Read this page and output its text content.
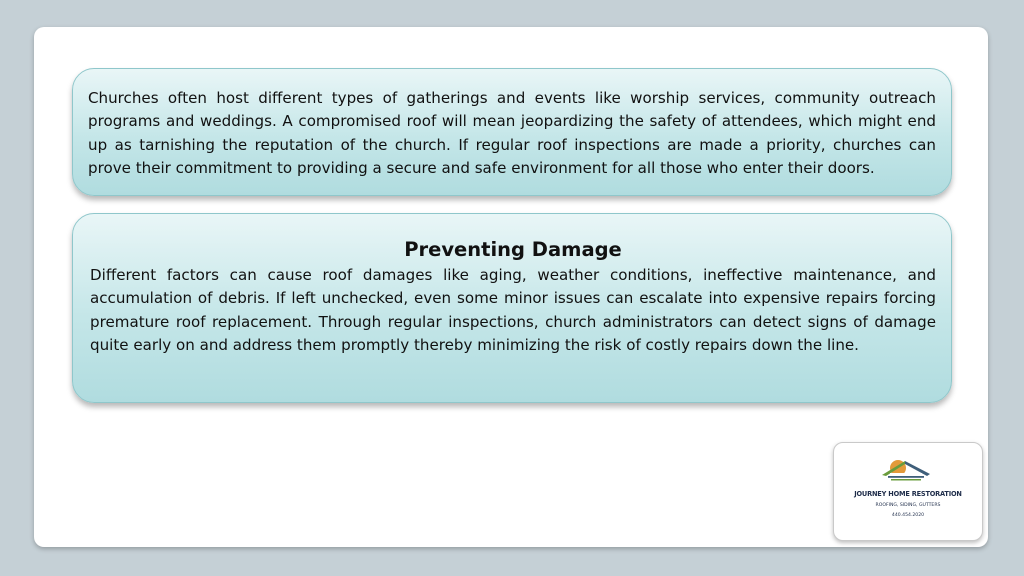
Churches often host different types of gatherings and events like worship services, community outreach programs and weddings. A compromised roof will mean jeopardizing the safety of attendees, which might end up as tarnishing the reputation of the church. If regular roof inspections are made a priority, churches can prove their commitment to providing a secure and safe environment for all those who enter their doors.

Preventing Damage

Different factors can cause roof damages like aging, weather conditions, ineffective maintenance, and accumulation of debris. If left unchecked, even some minor issues can escalate into expensive repairs forcing premature roof replacement. Through regular inspections, church administrators can detect signs of damage quite early on and address them promptly thereby minimizing the risk of costly repairs down the line.

JOURNEY HOME RESTORATION
ROOFING, SIDING, GUTTERS
440.454.2020
